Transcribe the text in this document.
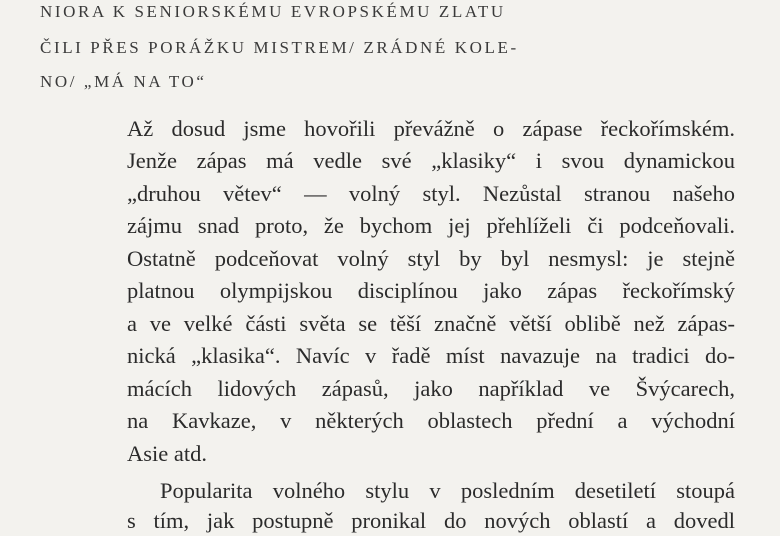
NIORA K SENIORSKÉMU EVROPSKÉMU ZLATU
ČILI PŘES PORÁŽKU MISTREM/ ZRÁDNÉ KOLE-
NO/ „MÁ NA TO“
Až dosud jsme hovořili převážně o zápase řeckořímském.
Jenže zápas má vedle své „klasiky“ i svou dynamickou
„druhou větev“ — volný styl. Nezůstal stranou našeho
zájmu snad proto, že bychom jej přehlíželi či podceňovali.
Ostatně podceňovat volný styl by byl nesmysl: je stejně
platnou olympijskou disciplínou jako zápas řeckořímský
a ve velké části světa se těší značně větší oblibě než zápas-
nická „klasika“. Navíc v řadě míst navazuje na tradici do-
mácích lidových zápasů, jako například ve Švýcarech,
na Kavkaze, v některých oblastech přední a východní
Asie atd.
Popularita volného stylu v posledním desetiletí stoupá
s tím, jak postupně pronikal do nových oblastí a dovedl
